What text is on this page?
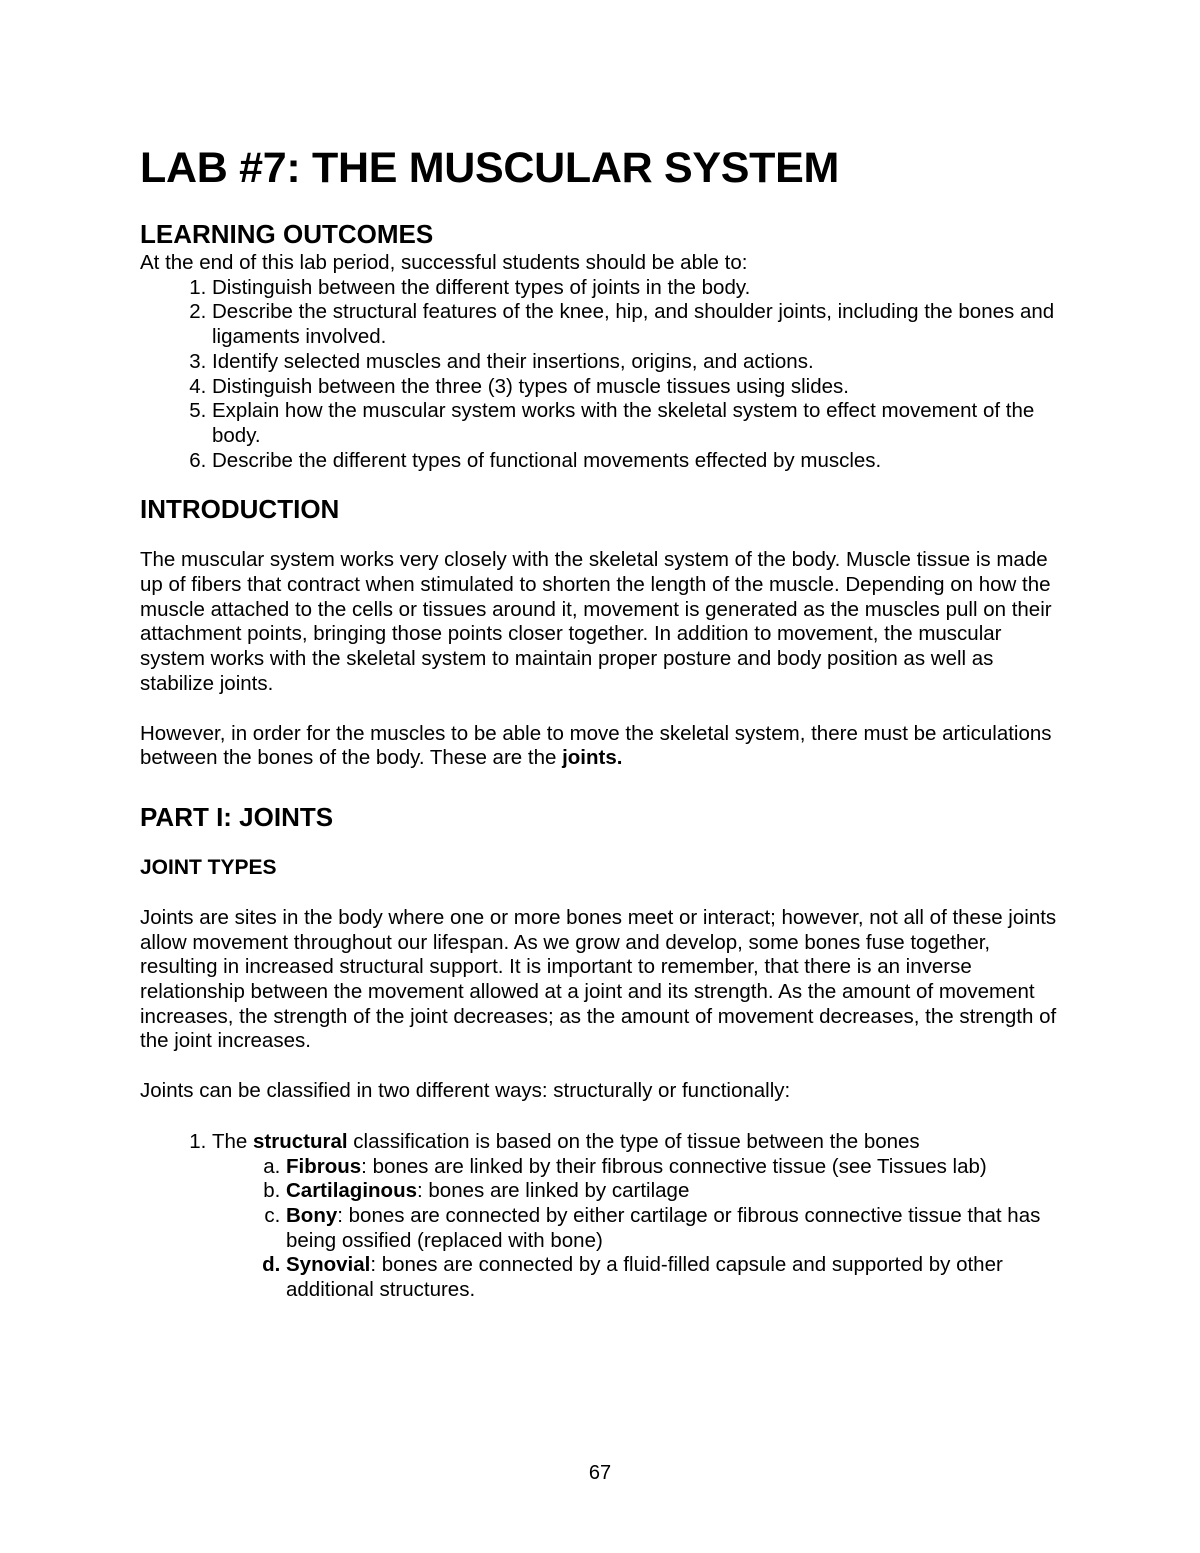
LAB #7: THE MUSCULAR SYSTEM
LEARNING OUTCOMES

At the end of this lab period, successful students should be able to:

1. Distinguish between the different types of joints in the body.
2. Describe the structural features of the knee, hip, and shoulder joints, including the bones and ligaments involved.
3. Identify selected muscles and their insertions, origins, and actions.
4. Distinguish between the three (3) types of muscle tissues using slides.
5. Explain how the muscular system works with the skeletal system to effect movement of the body.
6. Describe the different types of functional movements effected by muscles.
INTRODUCTION

The muscular system works very closely with the skeletal system of the body. Muscle tissue is made up of fibers that contract when stimulated to shorten the length of the muscle. Depending on how the muscle attached to the cells or tissues around it, movement is generated as the muscles pull on their attachment points, bringing those points closer together. In addition to movement, the muscular system works with the skeletal system to maintain proper posture and body position as well as stabilize joints.

However, in order for the muscles to be able to move the skeletal system, there must be articulations between the bones of the body. These are the joints.

PART I: JOINTS
JOINT TYPES

Joints are sites in the body where one or more bones meet or interact; however, not all of these joints allow movement throughout our lifespan. As we grow and develop, some bones fuse together, resulting in increased structural support. It is important to remember, that there is an inverse relationship between the movement allowed at a joint and its strength. As the amount of movement increases, the strength of the joint decreases; as the amount of movement decreases, the strength of the joint increases.

Joints can be classified in two different ways: structurally or functionally:

1. The structural classification is based on the type of tissue between the bones
a. Fibrous: bones are linked by their fibrous connective tissue (see Tissues lab)
b. Cartilaginous: bones are linked by cartilage
c. Bony: bones are connected by either cartilage or fibrous connective tissue that has being ossified (replaced with bone)
d. Synovial: bones are connected by a fluid-filled capsule and supported by other additional structures.
67
